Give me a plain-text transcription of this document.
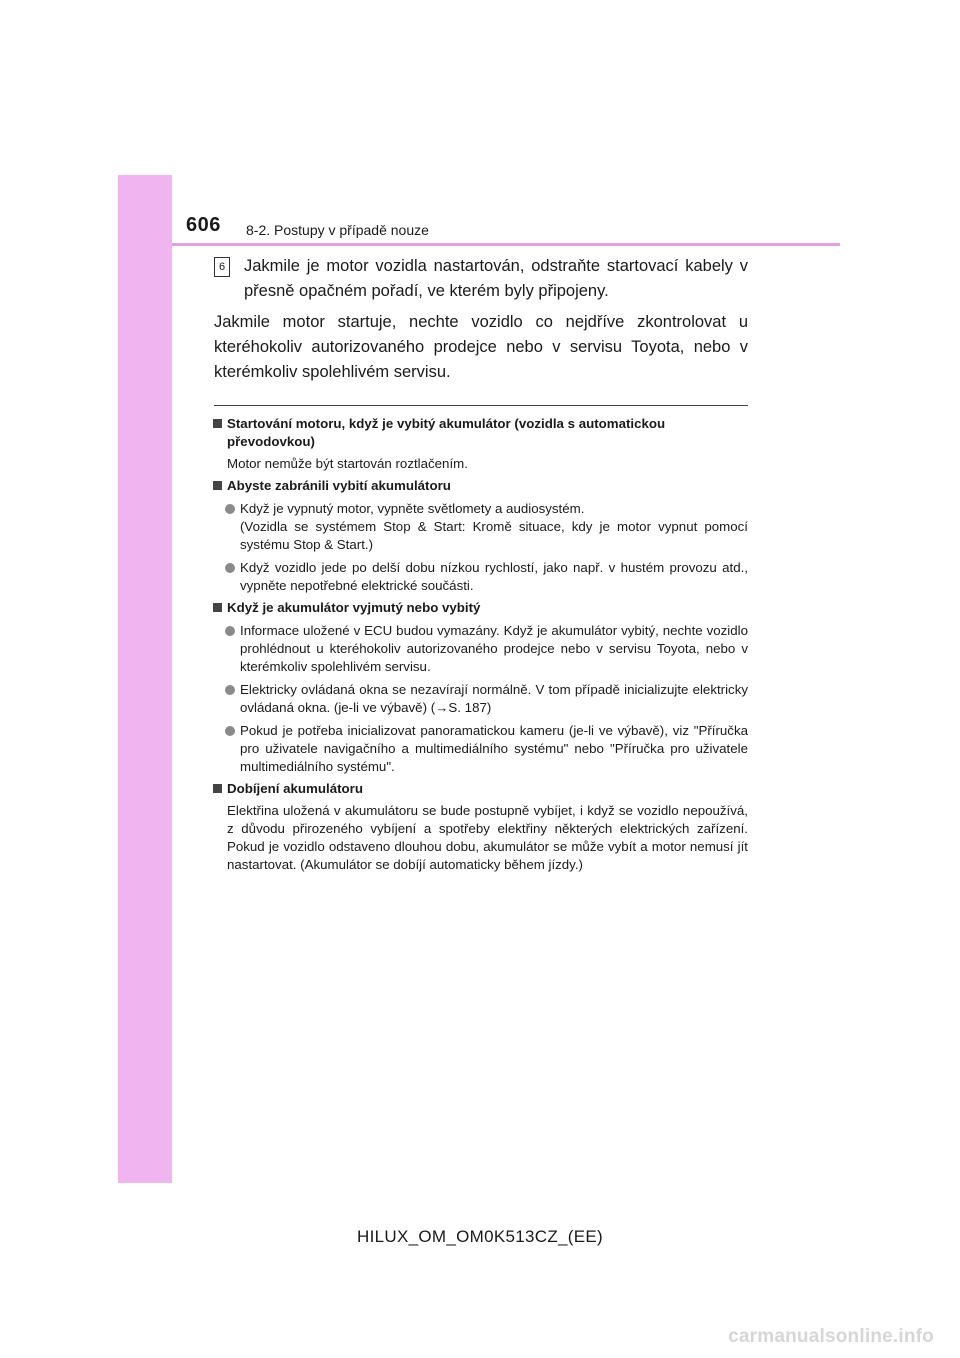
606 8-2. Postupy v případě nouze
6 Jakmile je motor vozidla nastartován, odstraňte startovací kabely v přesně opačném pořadí, ve kterém byly připojeny.
Jakmile motor startuje, nechte vozidlo co nejdříve zkontrolovat u kteréhokoliv autorizovaného prodejce nebo v servisu Toyota, nebo v kterémkoliv spolehlivém servisu.
Startování motoru, když je vybitý akumulátor (vozidla s automatickou převodovkou)
Motor nemůže být startován roztlačením.
Abyste zabránili vybití akumulátoru
Když je vypnutý motor, vypněte světlomety a audiosystém.
(Vozidla se systémem Stop & Start: Kromě situace, kdy je motor vypnut pomocí systému Stop & Start.)
Když vozidlo jede po delší dobu nízkou rychlostí, jako např. v hustém provozu atd., vypněte nepotřebné elektrické součásti.
Když je akumulátor vyjmutý nebo vybitý
Informace uložené v ECU budou vymazány. Když je akumulátor vybitý, nechte vozidlo prohlédnout u kteréhokoliv autorizovaného prodejce nebo v servisu Toyota, nebo v kterémkoliv spolehlivém servisu.
Elektricky ovládaná okna se nezavírají normálně. V tom případě inicializujte elektricky ovládaná okna. (je-li ve výbavě) (→S. 187)
Pokud je potřeba inicializovat panoramatickou kameru (je-li ve výbavě), viz "Příručka pro uživatele navigačního a multimediálního systému" nebo "Příručka pro uživatele multimediálního systému".
Dobíjení akumulátoru
Elektřina uložená v akumulátoru se bude postupně vybíjet, i když se vozidlo nepoužívá, z důvodu přirozeného vybíjení a spotřeby elektřiny některých elektrických zařízení. Pokud je vozidlo odstaveno dlouhou dobu, akumulátor se může vybít a motor nemusí jít nastartovat. (Akumulátor se dobíjí automaticky během jízdy.)
HILUX_OM_OM0K513CZ_(EE)
carmanualsonline.info
